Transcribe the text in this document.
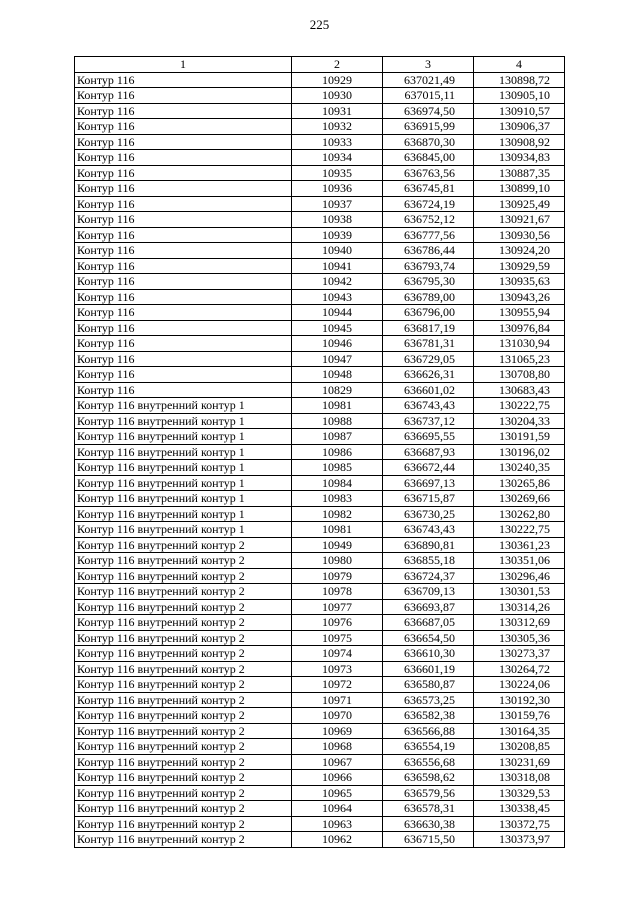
225
1	2	3	4
Контур 116	10929	637021,49	130898,72
Контур 116	10930	637015,11	130905,10
Контур 116	10931	636974,50	130910,57
Контур 116	10932	636915,99	130906,37
Контур 116	10933	636870,30	130908,92
Контур 116	10934	636845,00	130934,83
Контур 116	10935	636763,56	130887,35
Контур 116	10936	636745,81	130899,10
Контур 116	10937	636724,19	130925,49
Контур 116	10938	636752,12	130921,67
Контур 116	10939	636777,56	130930,56
Контур 116	10940	636786,44	130924,20
Контур 116	10941	636793,74	130929,59
Контур 116	10942	636795,30	130935,63
Контур 116	10943	636789,00	130943,26
Контур 116	10944	636796,00	130955,94
Контур 116	10945	636817,19	130976,84
Контур 116	10946	636781,31	131030,94
Контур 116	10947	636729,05	131065,23
Контур 116	10948	636626,31	130708,80
Контур 116	10829	636601,02	130683,43
Контур 116 внутренний контур 1	10981	636743,43	130222,75
Контур 116 внутренний контур 1	10988	636737,12	130204,33
Контур 116 внутренний контур 1	10987	636695,55	130191,59
Контур 116 внутренний контур 1	10986	636687,93	130196,02
Контур 116 внутренний контур 1	10985	636672,44	130240,35
Контур 116 внутренний контур 1	10984	636697,13	130265,86
Контур 116 внутренний контур 1	10983	636715,87	130269,66
Контур 116 внутренний контур 1	10982	636730,25	130262,80
Контур 116 внутренний контур 1	10981	636743,43	130222,75
Контур 116 внутренний контур 2	10949	636890,81	130361,23
Контур 116 внутренний контур 2	10980	636855,18	130351,06
Контур 116 внутренний контур 2	10979	636724,37	130296,46
Контур 116 внутренний контур 2	10978	636709,13	130301,53
Контур 116 внутренний контур 2	10977	636693,87	130314,26
Контур 116 внутренний контур 2	10976	636687,05	130312,69
Контур 116 внутренний контур 2	10975	636654,50	130305,36
Контур 116 внутренний контур 2	10974	636610,30	130273,37
Контур 116 внутренний контур 2	10973	636601,19	130264,72
Контур 116 внутренний контур 2	10972	636580,87	130224,06
Контур 116 внутренний контур 2	10971	636573,25	130192,30
Контур 116 внутренний контур 2	10970	636582,38	130159,76
Контур 116 внутренний контур 2	10969	636566,88	130164,35
Контур 116 внутренний контур 2	10968	636554,19	130208,85
Контур 116 внутренний контур 2	10967	636556,68	130231,69
Контур 116 внутренний контур 2	10966	636598,62	130318,08
Контур 116 внутренний контур 2	10965	636579,56	130329,53
Контур 116 внутренний контур 2	10964	636578,31	130338,45
Контур 116 внутренний контур 2	10963	636630,38	130372,75
Контур 116 внутренний контур 2	10962	636715,50	130373,97
